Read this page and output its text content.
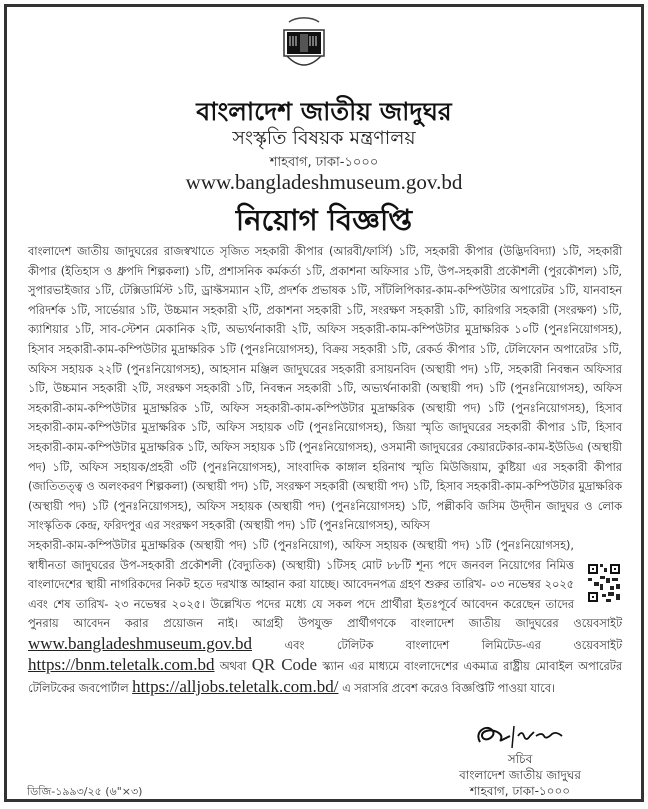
বাংলাদেশ জাতীয় জাদুঘর
সংস্কৃতি বিষয়ক মন্ত্রণালয়
শাহবাগ, ঢাকা-১০০০
www.bangladeshmuseum.gov.bd
নিয়োগ বিজ্ঞপ্তি

বাংলাদেশ জাতীয় জাদুঘরের রাজস্বখাতে সৃজিত সহকারী কীপার (আরবী/ফার্সি) ১টি, সহকারী কীপার (উদ্ভিদবিদ্যা) ১টি, সহকারী কীপার (ইতিহাস ও ধ্রুপদি শিল্পকলা) ১টি, প্রশাসনিক কর্মকর্তা ১টি, প্রকাশনা অফিসার ১টি, উপ-সহকারী প্রকৌশলী (পুরকৌশল) ১টি, সুপারভাইজার ১টি, টেক্সিডার্মিস্ট ১টি, ড্রাফ্টসম্যান ২টি, প্রদর্শক প্রভাষক ১টি, সাঁটলিপিকার-কাম-কম্পিউটার অপারেটর ১টি, যানবাহন পরিদর্শক ১টি, সার্ভেয়ার ১টি, উচ্চমান সহকারী ২টি, প্রকাশনা সহকারী ১টি, সংরক্ষণ সহকারী ১টি, কারিগরি সহকারী (সংরক্ষণ) ১টি, ক্যাশিয়ার ১টি, সাব-স্টেশন মেকানিক ২টি, অভ্যর্থনাকারী ২টি, অফিস সহকারী-কাম-কম্পিউটার মুদ্রাক্ষরিক ১০টি (পুনঃনিয়োগসহ), হিসাব সহকারী-কাম-কম্পিউটার মুদ্রাক্ষরিক ১টি (পুনঃনিয়োগসহ), বিক্রয় সহকারী ১টি, রেকর্ড কীপার ১টি, টেলিফোন অপারেটর ১টি, অফিস সহায়ক ২২টি (পুনঃনিয়োগসহ), আহসান মঞ্জিল জাদুঘরের সহকারী রসায়নবিদ (অস্থায়ী পদ) ১টি, সহকারী নিবন্ধন অফিসার ১টি, উচ্চমান সহকারী ২টি, সংরক্ষণ সহকারী ১টি, নিবন্ধন সহকারী ১টি, অভ্যর্থনাকারী (অস্থায়ী পদ) ১টি (পুনঃনিয়োগসহ), অফিস সহকারী-কাম-কম্পিউটার মুদ্রাক্ষরিক ১টি, অফিস সহকারী-কাম-কম্পিউটার মুদ্রাক্ষরিক (অস্থায়ী পদ) ১টি (পুনঃনিয়োগসহ), হিসাব সহকারী-কাম-কম্পিউটার মুদ্রাক্ষরিক ১টি, অফিস সহায়ক ৩টি (পুনঃনিয়োগসহ), জিয়া স্মৃতি জাদুঘরের সহকারী কীপার ১টি, হিসাব সহকারী-কাম-কম্পিউটার মুদ্রাক্ষরিক ১টি, অফিস সহায়ক ১টি (পুনঃনিয়োগসহ), ওসমানী জাদুঘরের কেয়ারটেকার-কাম-ইউডিএ (অস্থায়ী পদ) ১টি, অফিস সহায়ক/প্রহরী ৩টি (পুনঃনিয়োগসহ), সাংবাদিক কাঙ্গাল হরিনাথ স্মৃতি মিউজিয়াম, কুষ্টিয়া এর সহকারী কীপার (জাতিতত্ত্ব ও অলংকরণ শিল্পকলা) (অস্থায়ী পদ) ১টি, সংরক্ষণ সহকারী (অস্থায়ী পদ) ১টি, হিসাব সহকারী-কাম-কম্পিউটার মুদ্রাক্ষরিক (অস্থায়ী পদ) ১টি (পুনঃনিয়োগসহ), অফিস সহায়ক (অস্থায়ী পদ) (পুনঃনিয়োগসহ) ১টি, পল্লীকবি জসিম উদ্‌দীন জাদুঘর ও লোক সাংস্কৃতিক কেন্দ্র, ফরিদপুর এর সংরক্ষণ সহকারী (অস্থায়ী পদ) ১টি (পুনঃনিয়োগসহ), অফিস

সহকারী-কাম-কম্পিউটার মুদ্রাক্ষরিক (অস্থায়ী পদ) ১টি (পুনঃনিয়োগ), অফিস সহায়ক (অস্থায়ী পদ) ১টি (পুনঃনিয়োগসহ), স্বাধীনতা জাদুঘরের উপ-সহকারী প্রকৌশলী (বৈদ্যুতিক) (অস্থায়ী) ১টিসহ মোট ৮৮টি শূন্য পদে জনবল নিয়োগের নিমিত্ত বাংলাদেশের স্থায়ী নাগরিকদের নিকট হতে দরখাস্ত আহ্বান করা যাচ্ছে। আবেদনপত্র গ্রহণ শুরুর তারিখ- ০৩ নভেম্বর ২০২৫ এবং শেষ তারিখ- ২৩ নভেম্বর ২০২৫। উল্লেখিত পদের মধ্যে যে সকল পদে প্রার্থীরা ইতঃপূর্বে আবেদন করেছেন তাদের পুনরায় আবেদন করার প্রয়োজন নাই। আগ্রহী উপযুক্ত প্রার্থীগণকে বাংলাদেশ জাতীয় জাদুঘরের ওয়েবসাইট www.bangladeshmuseum.gov.bd	এবং টেলিটক বাংলাদেশ লিমিটেড-এর ওয়েবসাইট https://bnm.teletalk.com.bd অথবা QR Code স্ক্যান এর মাধ্যমে বাংলাদেশের একমাত্র রাষ্ট্রীয় মোবাইল অপারেটর টেলিটকের জবপোর্টাল https://alljobs.teletalk.com.bd/ এ সরাসরি প্রবেশ করেও বিজ্ঞপ্তিটি পাওয়া যাবে।

সচিব
বাংলাদেশ জাতীয় জাদুঘর
শাহবাগ, ঢাকা-১০০০
ডিজি-১৯৯৩/২৫ (৬"×৩)
